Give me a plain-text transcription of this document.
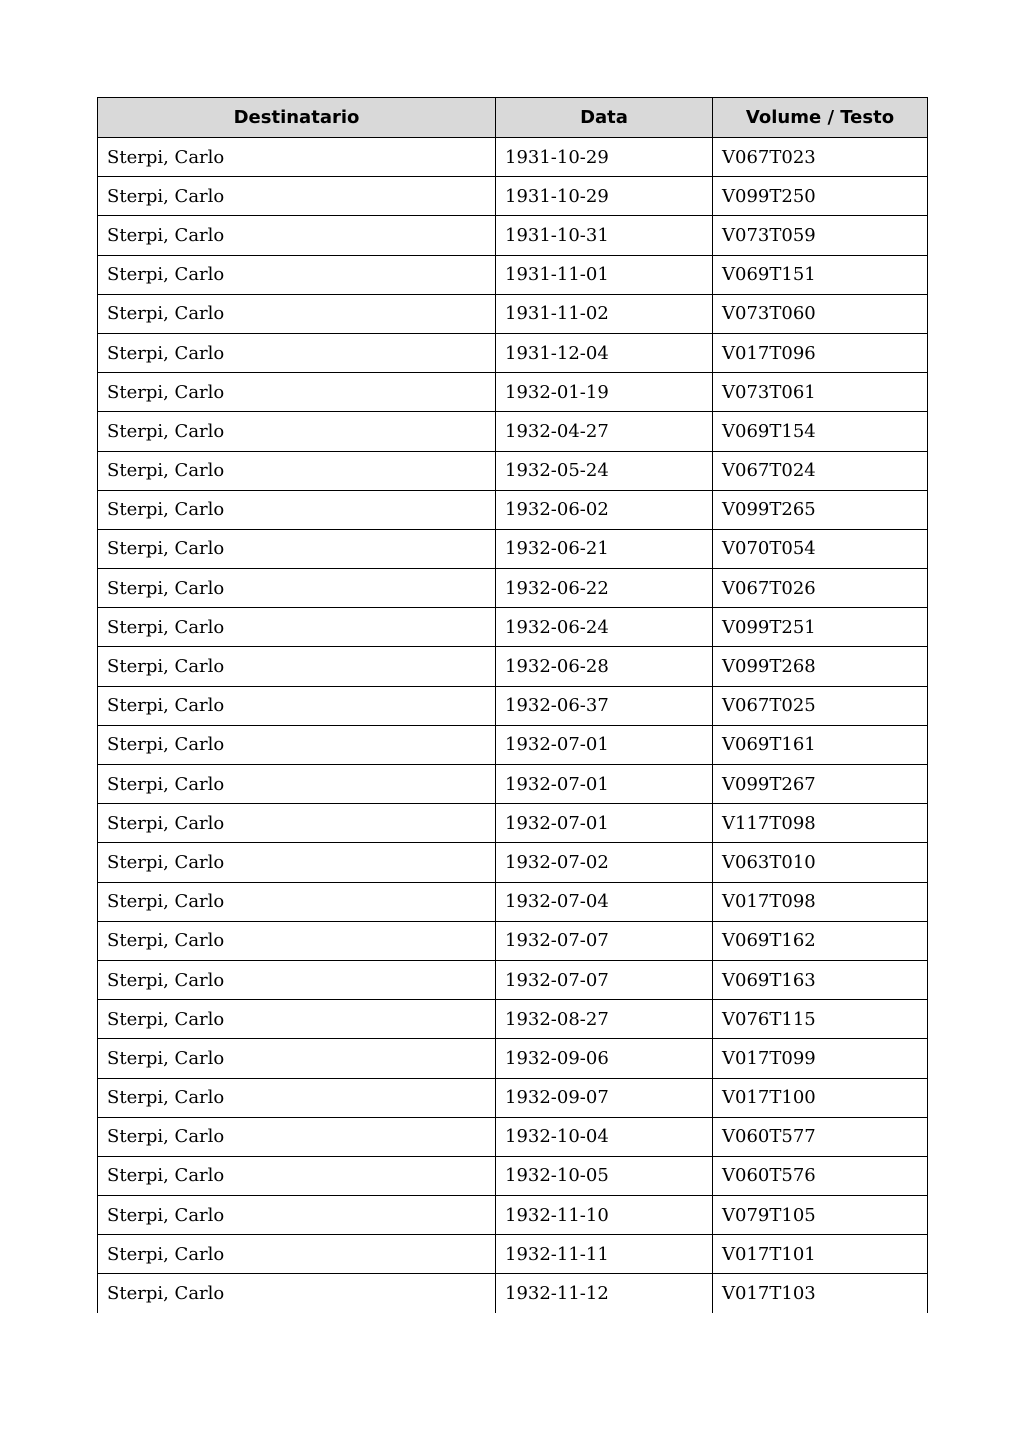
Destinatario	Data	Volume / Testo
Sterpi, Carlo	1931-10-29	V067T023
Sterpi, Carlo	1931-10-29	V099T250
Sterpi, Carlo	1931-10-31	V073T059
Sterpi, Carlo	1931-11-01	V069T151
Sterpi, Carlo	1931-11-02	V073T060
Sterpi, Carlo	1931-12-04	V017T096
Sterpi, Carlo	1932-01-19	V073T061
Sterpi, Carlo	1932-04-27	V069T154
Sterpi, Carlo	1932-05-24	V067T024
Sterpi, Carlo	1932-06-02	V099T265
Sterpi, Carlo	1932-06-21	V070T054
Sterpi, Carlo	1932-06-22	V067T026
Sterpi, Carlo	1932-06-24	V099T251
Sterpi, Carlo	1932-06-28	V099T268
Sterpi, Carlo	1932-06-37	V067T025
Sterpi, Carlo	1932-07-01	V069T161
Sterpi, Carlo	1932-07-01	V099T267
Sterpi, Carlo	1932-07-01	V117T098
Sterpi, Carlo	1932-07-02	V063T010
Sterpi, Carlo	1932-07-04	V017T098
Sterpi, Carlo	1932-07-07	V069T162
Sterpi, Carlo	1932-07-07	V069T163
Sterpi, Carlo	1932-08-27	V076T115
Sterpi, Carlo	1932-09-06	V017T099
Sterpi, Carlo	1932-09-07	V017T100
Sterpi, Carlo	1932-10-04	V060T577
Sterpi, Carlo	1932-10-05	V060T576
Sterpi, Carlo	1932-11-10	V079T105
Sterpi, Carlo	1932-11-11	V017T101
Sterpi, Carlo	1932-11-12	V017T103
